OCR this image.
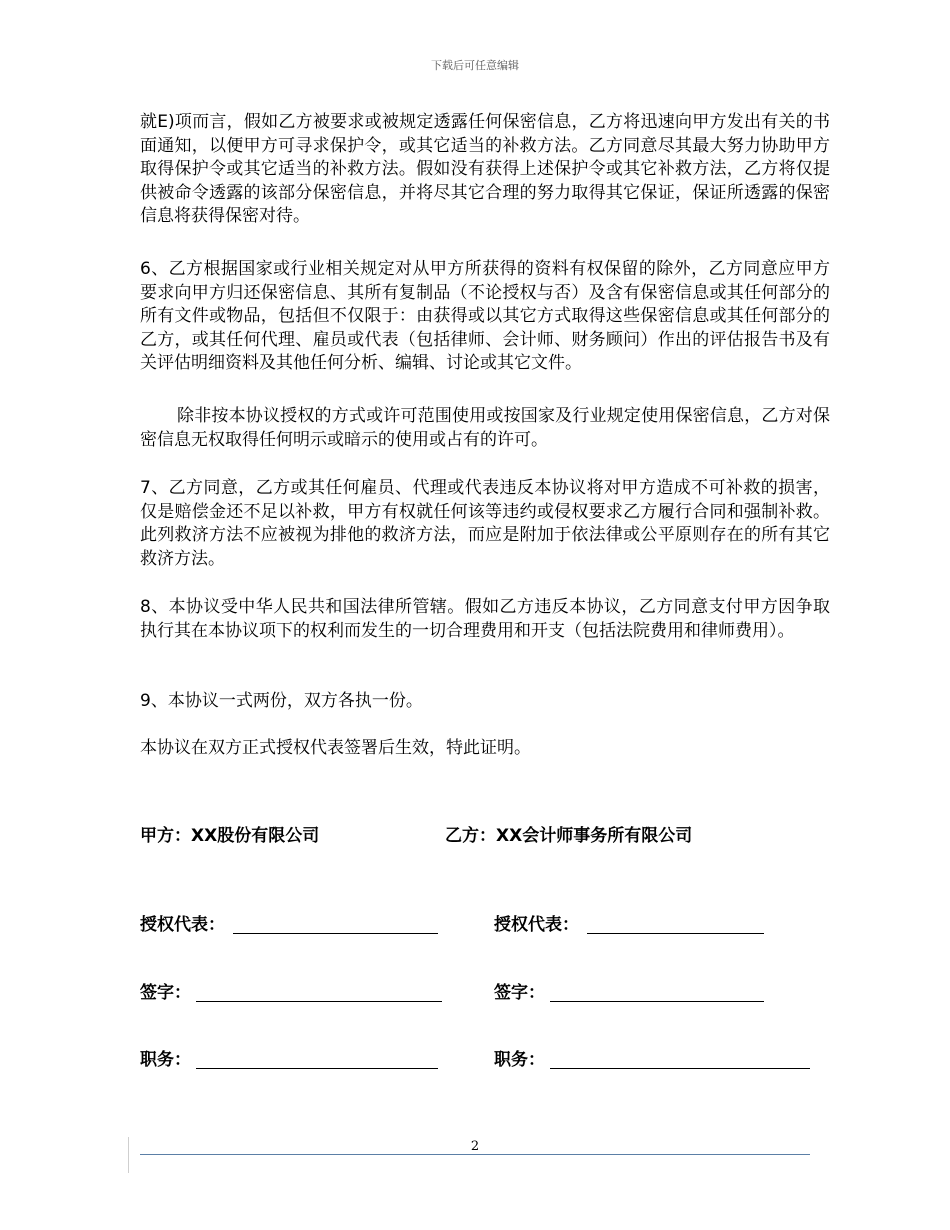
下载后可任意编辑
就E)项而言，假如乙方被要求或被规定透露任何保密信息，乙方将迅速向甲方发出有关的书面通知，以便甲方可寻求保护令，或其它适当的补救方法。乙方同意尽其最大努力协助甲方取得保护令或其它适当的补救方法。假如没有获得上述保护令或其它补救方法，乙方将仅提供被命令透露的该部分保密信息，并将尽其它合理的努力取得其它保证，保证所透露的保密信息将获得保密对待。
6、乙方根据国家或行业相关规定对从甲方所获得的资料有权保留的除外，乙方同意应甲方要求向甲方归还保密信息、其所有复制品（不论授权与否）及含有保密信息或其任何部分的所有文件或物品，包括但不仅限于：由获得或以其它方式取得这些保密信息或其任何部分的乙方，或其任何代理、雇员或代表（包括律师、会计师、财务顾问）作出的评估报告书及有关评估明细资料及其他任何分析、编辑、讨论或其它文件。
除非按本协议授权的方式或许可范围使用或按国家及行业规定使用保密信息，乙方对保密信息无权取得任何明示或暗示的使用或占有的许可。
7、乙方同意，乙方或其任何雇员、代理或代表违反本协议将对甲方造成不可补救的损害，仅是赔偿金还不足以补救，甲方有权就任何该等违约或侵权要求乙方履行合同和强制补救。此列救济方法不应被视为排他的救济方法，而应是附加于依法律或公平原则存在的所有其它救济方法。
8、本协议受中华人民共和国法律所管辖。假如乙方违反本协议，乙方同意支付甲方因争取执行其在本协议项下的权利而发生的一切合理费用和开支（包括法院费用和律师费用）。
9、本协议一式两份，双方各执一份。
本协议在双方正式授权代表签署后生效，特此证明。
甲方：XX股份有限公司	乙方：XX会计师事务所有限公司
授权代表：	授权代表：
签字：	签字：
职务：	职务：
2
